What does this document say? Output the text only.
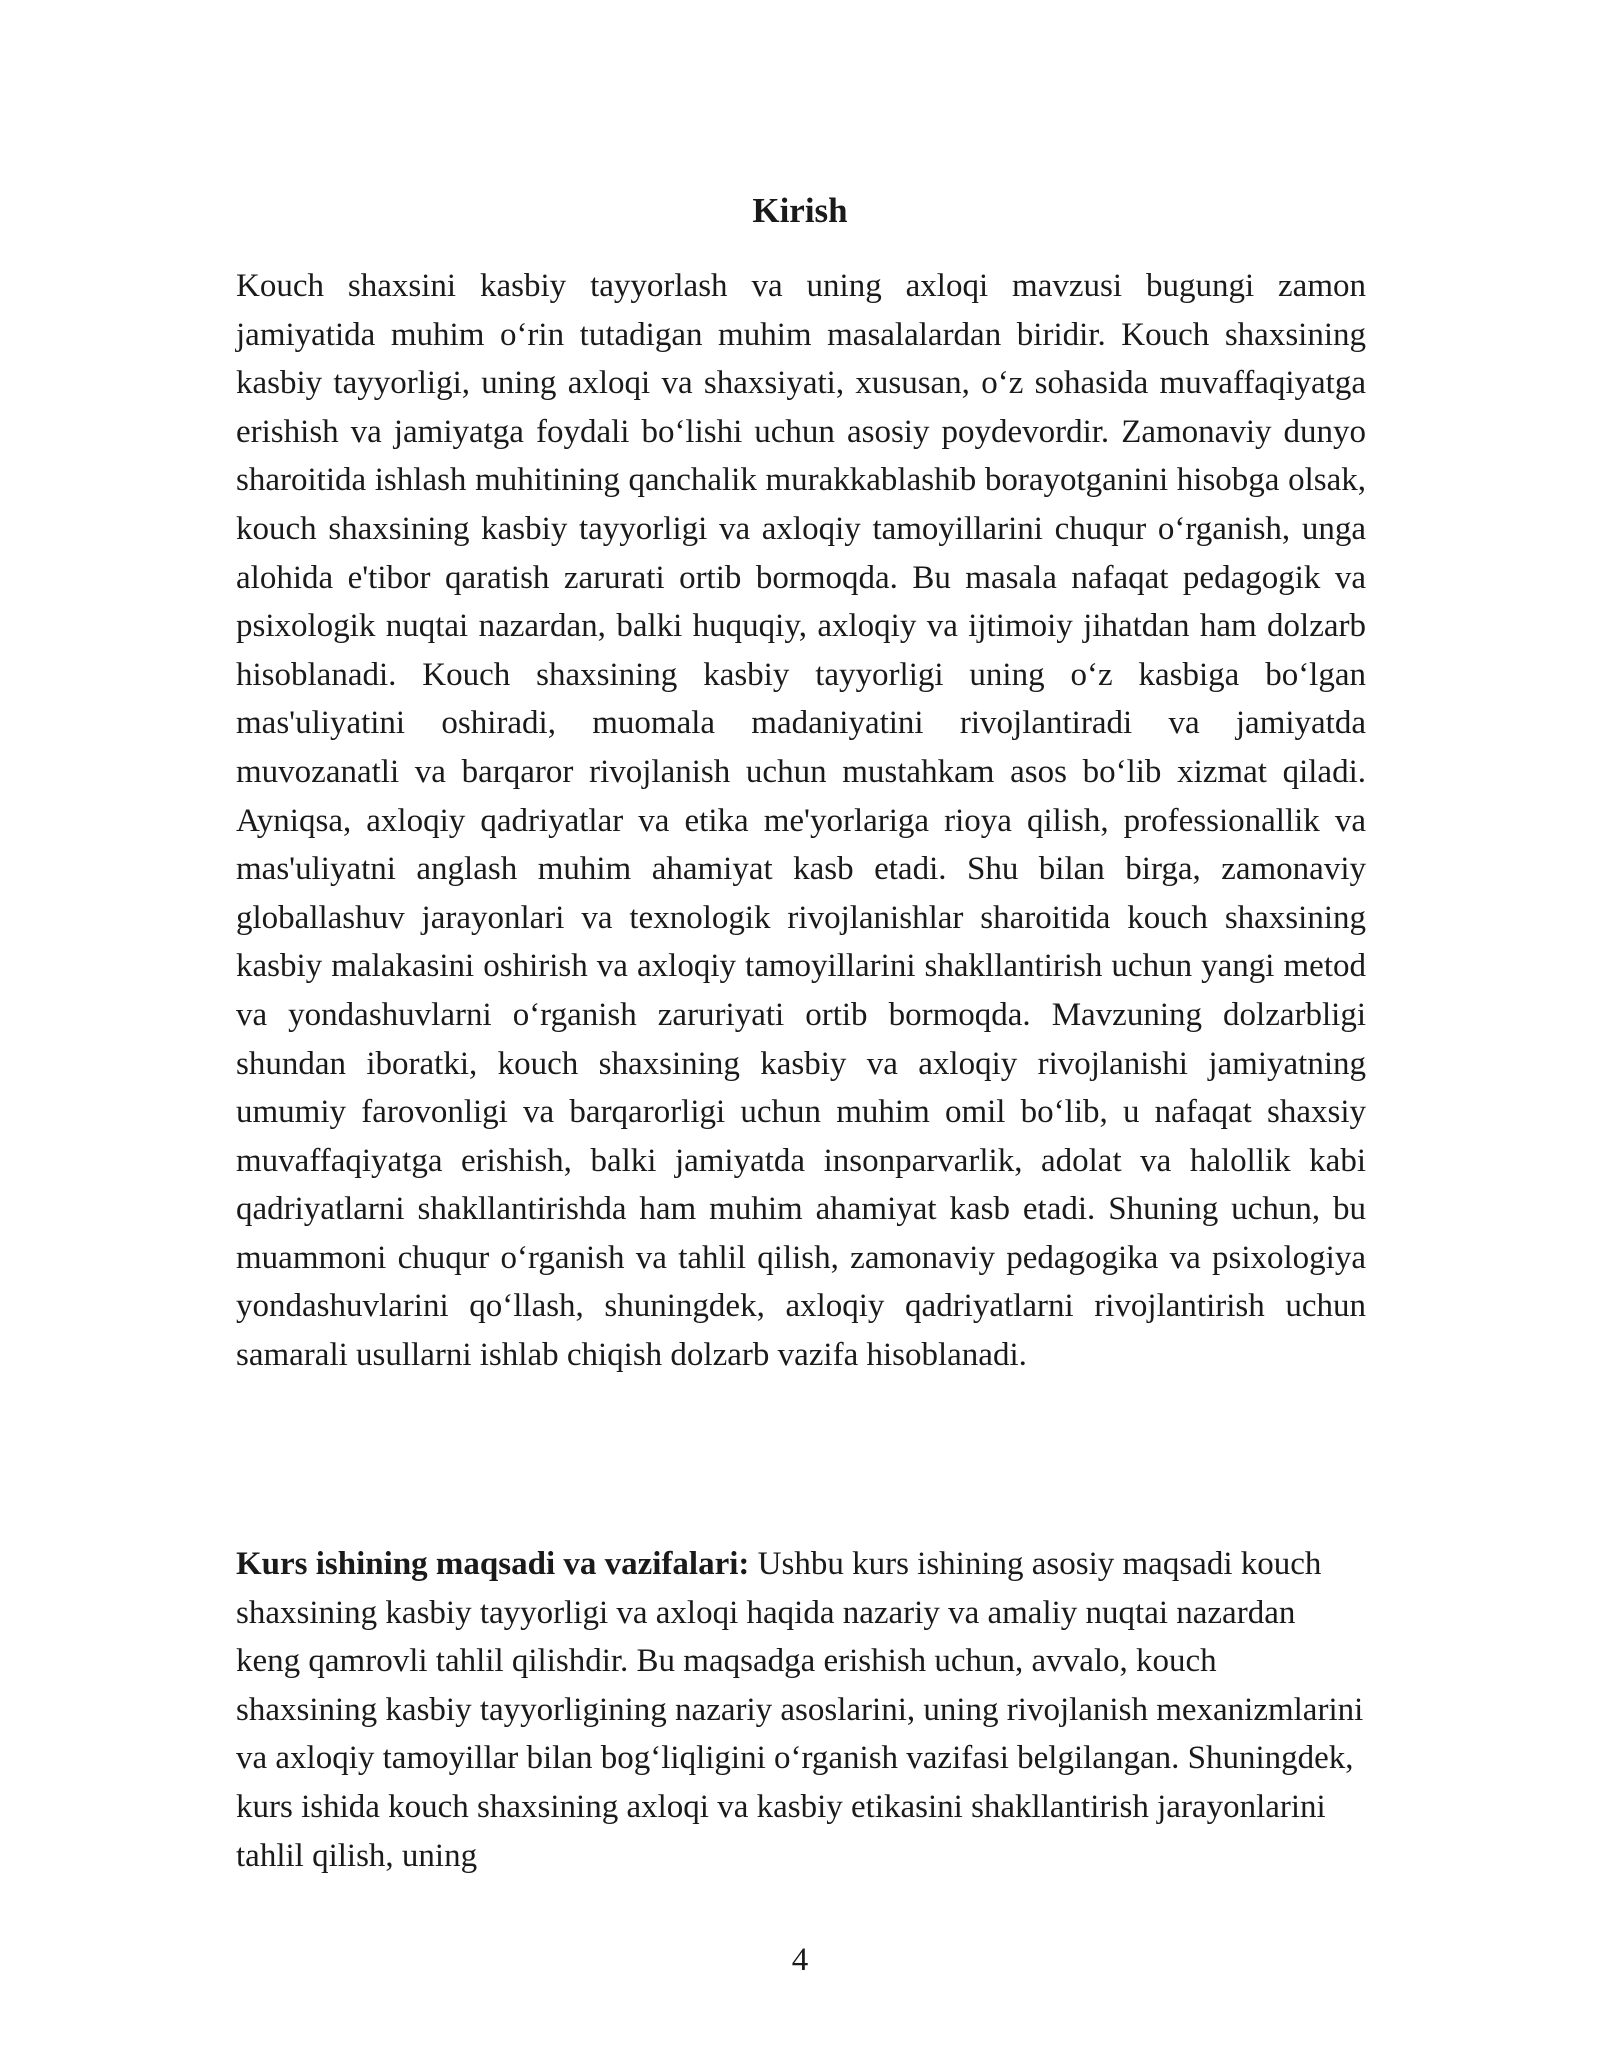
Kirish

Kouch shaxsini kasbiy tayyorlash va uning axloqi mavzusi bugungi zamon jamiyatida muhim o‘rin tutadigan muhim masalalardan biridir. Kouch shaxsining kasbiy tayyorligi, uning axloqi va shaxsiyati, xususan, o‘z sohasida muvaffaqiyatga erishish va jamiyatga foydali bo‘lishi uchun asosiy poydevordir. Zamonaviy dunyo sharoitida ishlash muhitining qanchalik murakkablashib borayotganini hisobga olsak, kouch shaxsining kasbiy tayyorligi va axloqiy tamoyillarini chuqur o‘rganish, unga alohida e'tibor qaratish zarurati ortib bormoqda. Bu masala nafaqat pedagogik va psixologik nuqtai nazardan, balki huquqiy, axloqiy va ijtimoiy jihatdan ham dolzarb hisoblanadi. Kouch shaxsining kasbiy tayyorligi uning o‘z kasbiga bo‘lgan mas'uliyatini oshiradi, muomala madaniyatini rivojlantiradi va jamiyatda muvozanatli va barqaror rivojlanish uchun mustahkam asos bo‘lib xizmat qiladi. Ayniqsa, axloqiy qadriyatlar va etika me'yorlariga rioya qilish, professionallik va mas'uliyatni anglash muhim ahamiyat kasb etadi. Shu bilan birga, zamonaviy globallashuv jarayonlari va texnologik rivojlanishlar sharoitida kouch shaxsining kasbiy malakasini oshirish va axloqiy tamoyillarini shakllantirish uchun yangi metod va yondashuvlarni o‘rganish zaruriyati ortib bormoqda. Mavzuning dolzarbligi shundan iboratki, kouch shaxsining kasbiy va axloqiy rivojlanishi jamiyatning umumiy farovonligi va barqarorligi uchun muhim omil bo‘lib, u nafaqat shaxsiy muvaffaqiyatga erishish, balki jamiyatda insonparvarlik, adolat va halollik kabi qadriyatlarni shakllantirishda ham muhim ahamiyat kasb etadi. Shuning uchun, bu muammoni chuqur o‘rganish va tahlil qilish, zamonaviy pedagogika va psixologiya yondashuvlarini qo‘llash, shuningdek, axloqiy qadriyatlarni rivojlantirish uchun samarali usullarni ishlab chiqish dolzarb vazifa hisoblanadi.

Kurs ishining maqsadi va vazifalari: Ushbu kurs ishining asosiy maqsadi kouch shaxsining kasbiy tayyorligi va axloqi haqida nazariy va amaliy nuqtai nazardan keng qamrovli tahlil qilishdir. Bu maqsadga erishish uchun, avvalo, kouch shaxsining kasbiy tayyorligining nazariy asoslarini, uning rivojlanish mexanizmlarini va axloqiy tamoyillar bilan bog‘liqligini o‘rganish vazifasi belgilangan. Shuningdek, kurs ishida kouch shaxsining axloqi va kasbiy etikasini shakllantirish jarayonlarini tahlil qilish, uning

4
